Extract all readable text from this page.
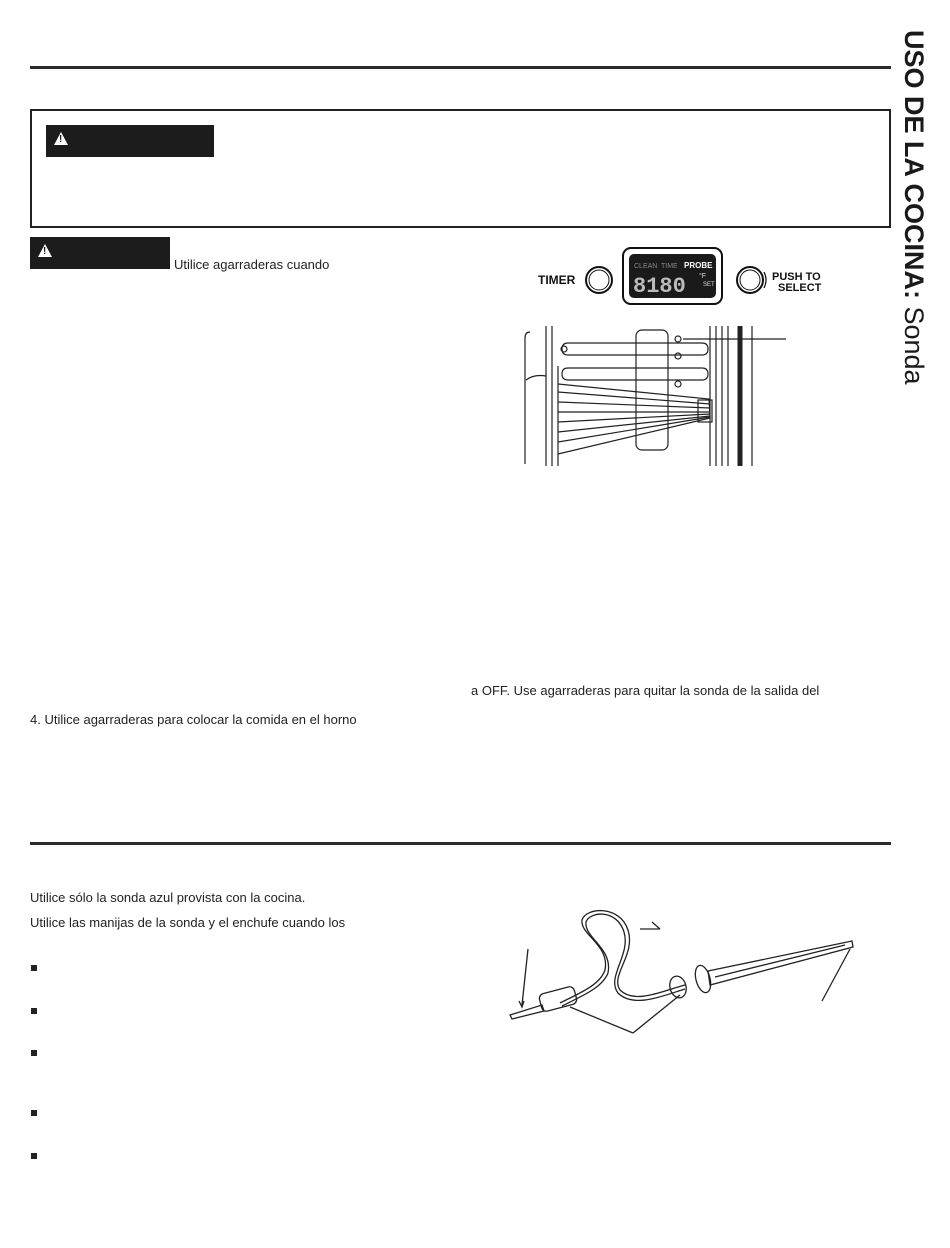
USO DE LA COCINA: Sonda
!
!
Utilice agarraderas cuando
TIMER
CLEAN TIME PROBE
8180 °F
SET
PUSH TO
SELECT
a OFF. Use agarraderas para quitar la sonda de la salida del
4. Utilice agarraderas para colocar la comida en el horno
Utilice sólo la sonda azul provista con la cocina.
Utilice las manijas de la sonda y el enchufe cuando los
